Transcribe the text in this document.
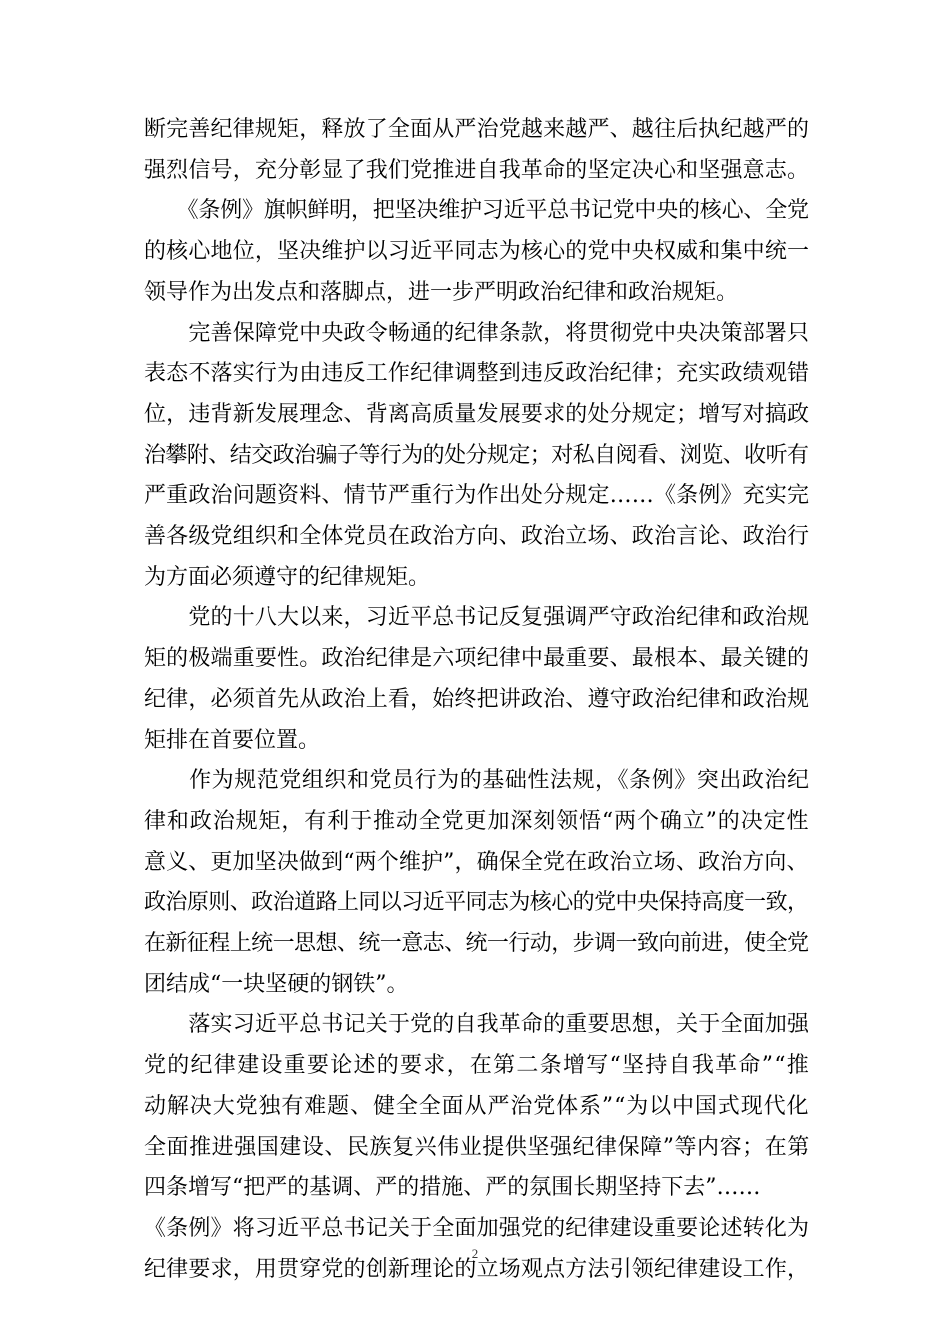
断完善纪律规矩，释放了全面从严治党越来越严、越往后执纪越严的
强烈信号，充分彰显了我们党推进自我革命的坚定决心和坚强意志。
　　《条例》旗帜鲜明，把坚决维护习近平总书记党中央的核心、全党
的核心地位，坚决维护以习近平同志为核心的党中央权威和集中统一
领导作为出发点和落脚点，进一步严明政治纪律和政治规矩。
　　完善保障党中央政令畅通的纪律条款，将贯彻党中央决策部署只
表态不落实行为由违反工作纪律调整到违反政治纪律；充实政绩观错
位，违背新发展理念、背离高质量发展要求的处分规定；增写对搞政
治攀附、结交政治骗子等行为的处分规定；对私自阅看、浏览、收听有
严重政治问题资料、情节严重行为作出处分规定……《条例》充实完
善各级党组织和全体党员在政治方向、政治立场、政治言论、政治行
为方面必须遵守的纪律规矩。
　　党的十八大以来，习近平总书记反复强调严守政治纪律和政治规
矩的极端重要性。政治纪律是六项纪律中最重要、最根本、最关键的
纪律，必须首先从政治上看，始终把讲政治、遵守政治纪律和政治规
矩排在首要位置。
　　作为规范党组织和党员行为的基础性法规，《条例》突出政治纪
律和政治规矩，有利于推动全党更加深刻领悟“两个确立”的决定性
意义、更加坚决做到“两个维护”，确保全党在政治立场、政治方向、
政治原则、政治道路上同以习近平同志为核心的党中央保持高度一致，
在新征程上统一思想、统一意志、统一行动，步调一致向前进，使全党
团结成“一块坚硬的钢铁”。
　　落实习近平总书记关于党的自我革命的重要思想，关于全面加强
党的纪律建设重要论述的要求，在第二条增写“坚持自我革命”“推
动解决大党独有难题、健全全面从严治党体系”“为以中国式现代化
全面推进强国建设、民族复兴伟业提供坚强纪律保障”等内容；在第
四条增写“把严的基调、严的措施、严的氛围长期坚持下去”……
《条例》将习近平总书记关于全面加强党的纪律建设重要论述转化为
纪律要求，用贯穿党的创新理论的立场观点方法引领纪律建设工作，
2
